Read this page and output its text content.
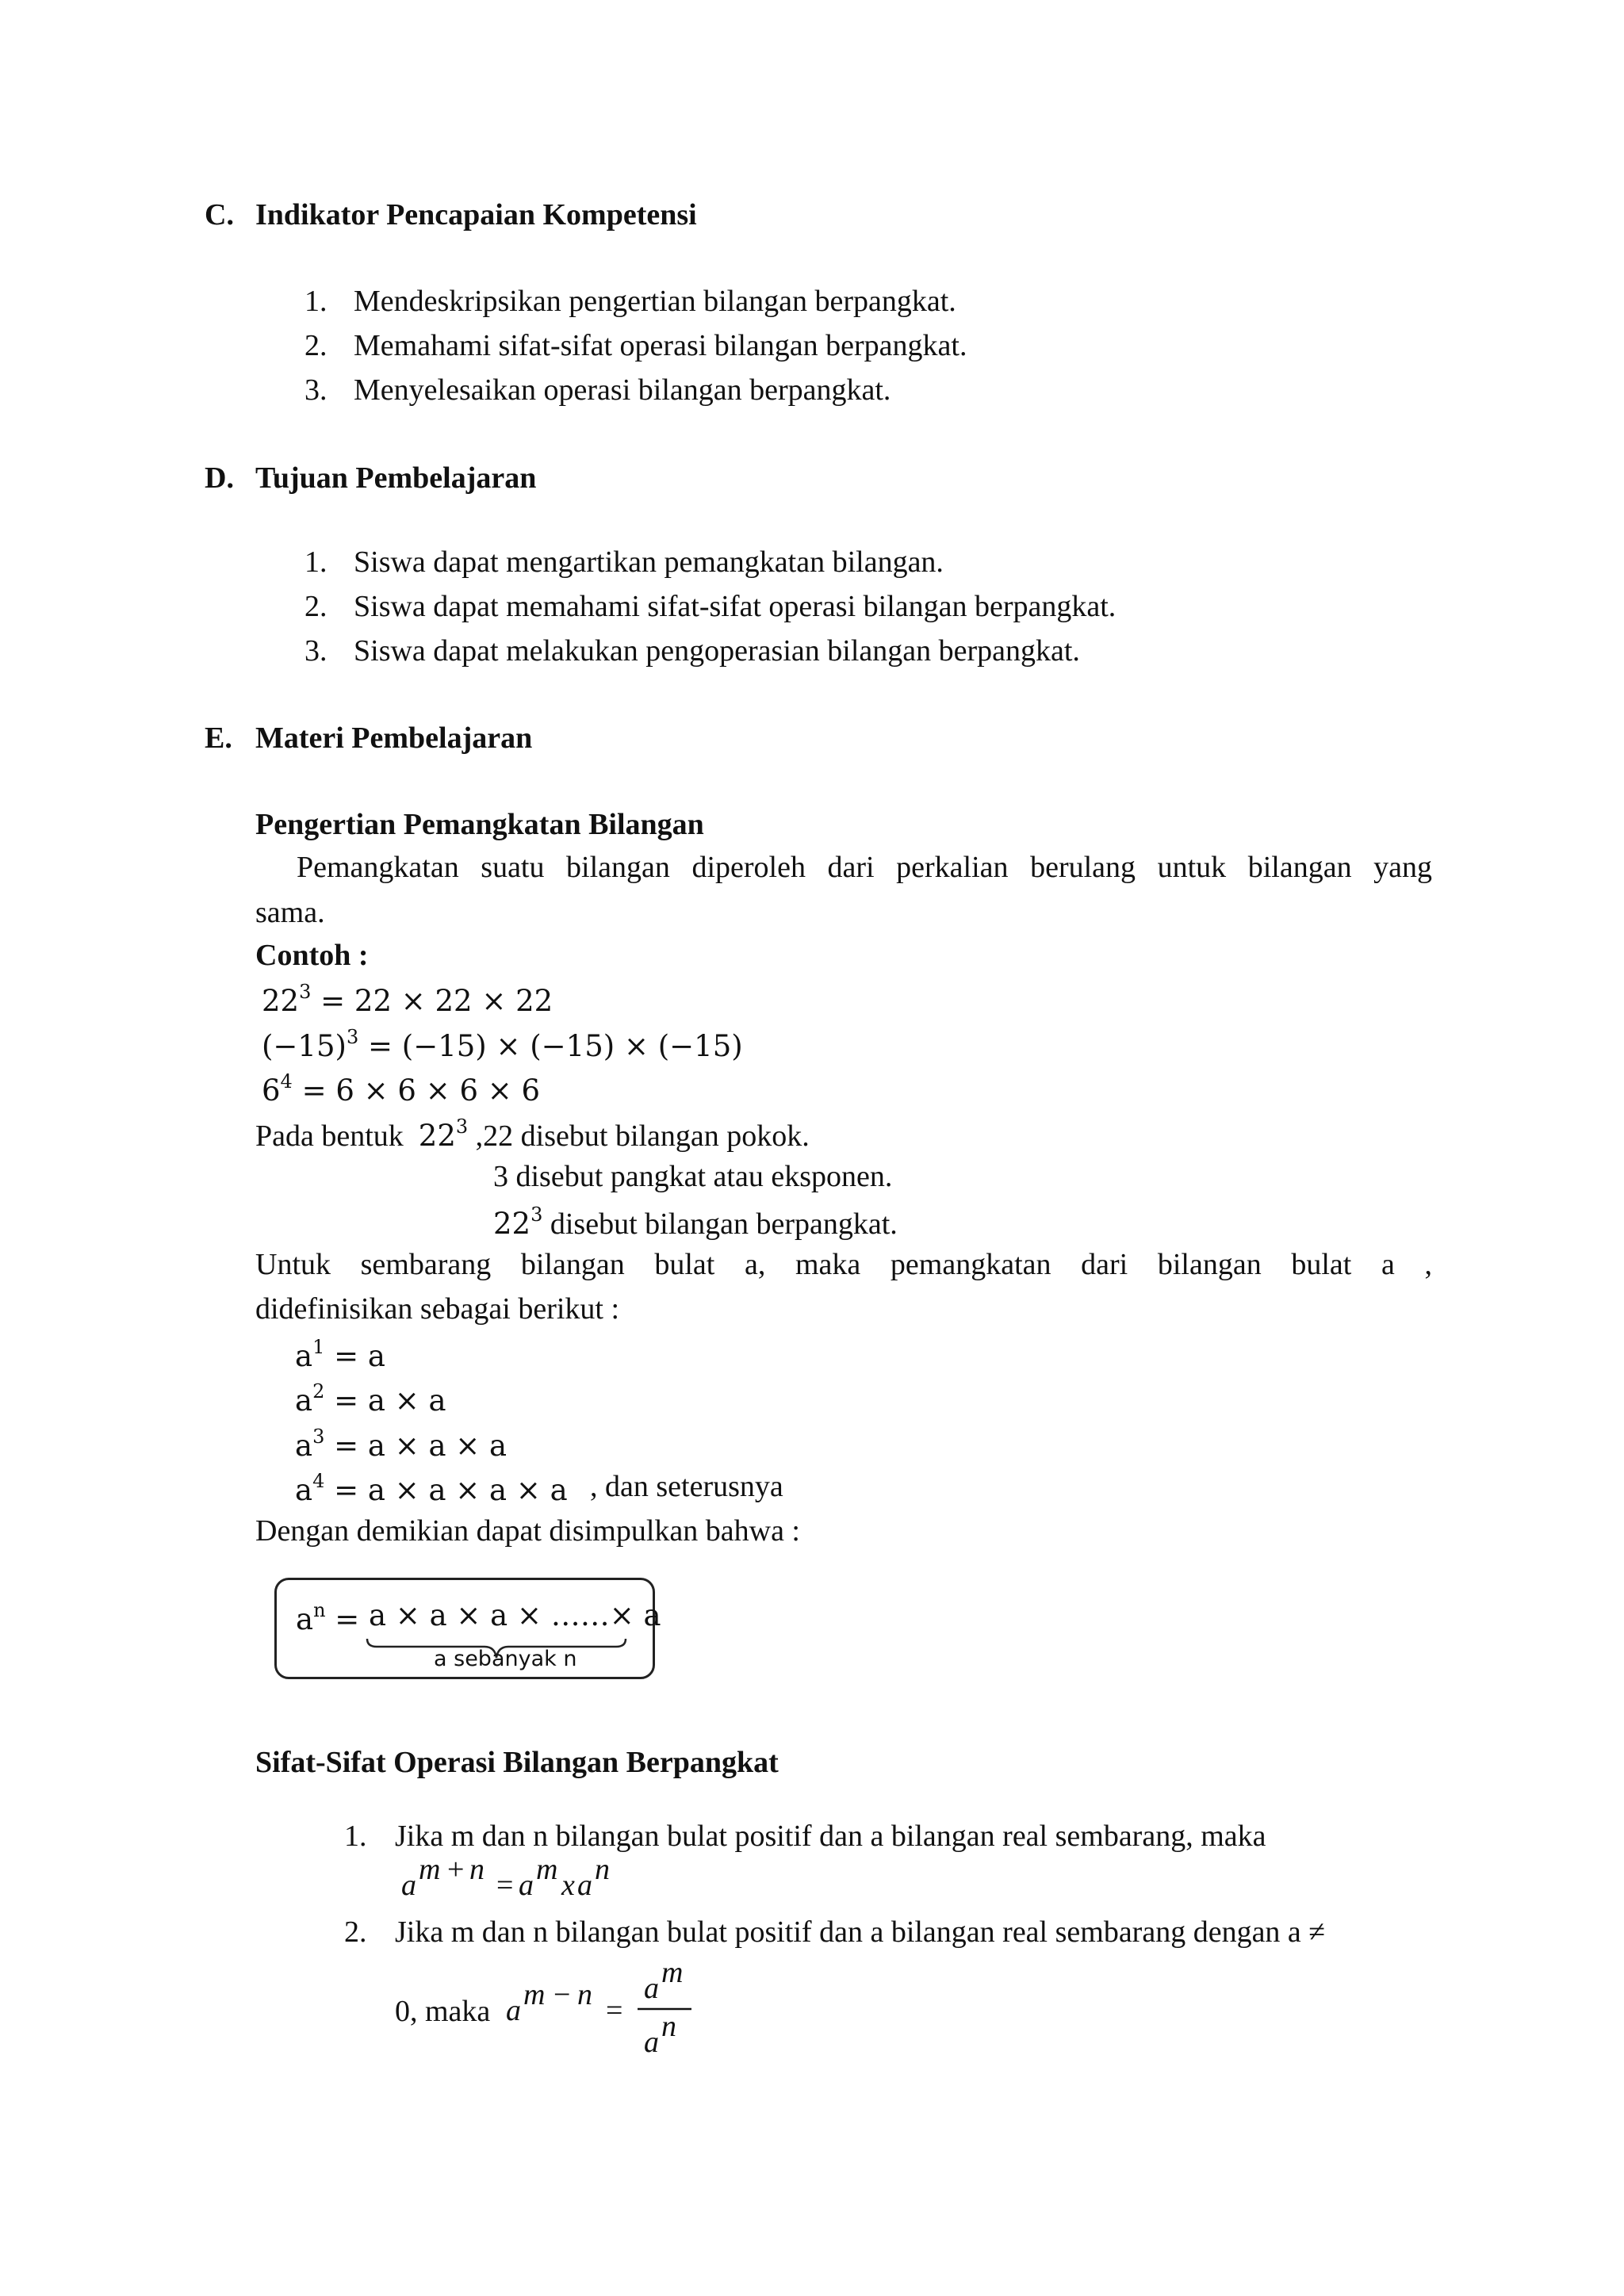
C. Indikator Pencapaian Kompetensi
1. Mendeskripsikan pengertian bilangan berpangkat.
2. Memahami sifat-sifat operasi bilangan berpangkat.
3. Menyelesaikan operasi bilangan berpangkat.
D. Tujuan Pembelajaran
1. Siswa dapat mengartikan pemangkatan bilangan.
2. Siswa dapat memahami sifat-sifat operasi bilangan berpangkat.
3. Siswa dapat melakukan pengoperasian bilangan berpangkat.
E. Materi Pembelajaran
Pengertian Pemangkatan Bilangan
Pemangkatan suatu bilangan diperoleh dari perkalian berulang untuk bilangan yang
sama.
Contoh :
$22^3 = 22 \times 22 \times 22$
$(-15)^3 = (-15) \times (-15) \times (-15)$
$6^4 = 6 \times 6 \times 6 \times 6$
Pada bentuk $22^3$ ,22 disebut bilangan pokok.
3 disebut pangkat atau eksponen.
$22^3$ disebut bilangan berpangkat.
Untuk sembarang bilangan bulat a, maka pemangkatan dari bilangan bulat a ,
didefinisikan sebagai berikut :
$a^1 = a$
$a^2 = a \times a$
$a^3 = a \times a \times a$
$a^4 = a \times a \times a \times a$ , dan seterusnya
Dengan demikian dapat disimpulkan bahwa :
$a^n = a \times a \times a$ × ……× a
a sebanyak n
Sifat-Sifat Operasi Bilangan Berpangkat
1. Jika m dan n bilangan bulat positif dan a bilangan real sembarang, maka
a m + n = a m x a n
2. Jika m dan n bilangan bulat positif dan a bilangan real sembarang dengan a ≠
0, maka a m − n =
a m
a n
